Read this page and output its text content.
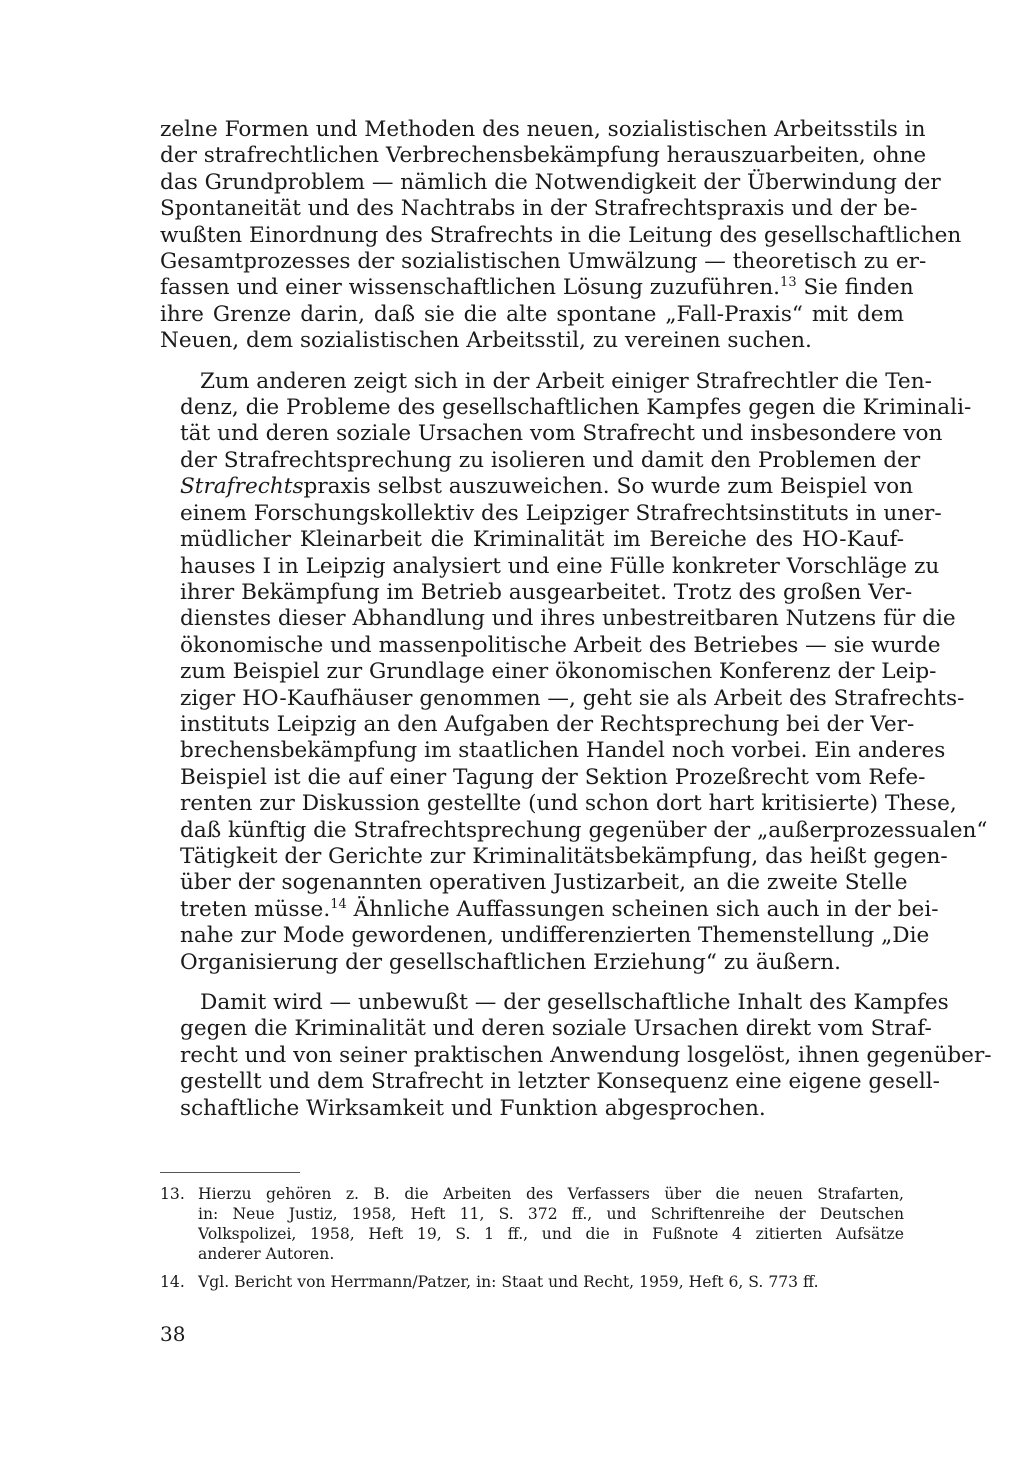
zelne Formen und Methoden des neuen, sozialistischen Arbeitsstils in
der strafrechtlichen Verbrechensbekämpfung herauszuarbeiten, ohne
das Grundproblem — nämlich die Notwendigkeit der Überwindung der
Spontaneität und des Nachtrabs in der Strafrechtspraxis und der be-
wußten Einordnung des Strafrechts in die Leitung des gesellschaftlichen
Gesamtprozesses der sozialistischen Umwälzung — theoretisch zu er-
fassen und einer wissenschaftlichen Lösung zuzuführen.$^{13}$ Sie finden
ihre Grenze darin, daß sie die alte spontane „Fall-Praxis“ mit dem
Neuen, dem sozialistischen Arbeitsstil, zu vereinen suchen.
Zum anderen zeigt sich in der Arbeit einiger Strafrechtler die Ten-
denz, die Probleme des gesellschaftlichen Kampfes gegen die Kriminali-
tät und deren soziale Ursachen vom Strafrecht und insbesondere von
der Strafrechtsprechung zu isolieren und damit den Problemen der
Strafrechtspraxis selbst auszuweichen. So wurde zum Beispiel von
einem Forschungskollektiv des Leipziger Strafrechtsinstituts in uner-
müdlicher Kleinarbeit die Kriminalität im Bereiche des HO-Kauf-
hauses I in Leipzig analysiert und eine Fülle konkreter Vorschläge zu
ihrer Bekämpfung im Betrieb ausgearbeitet. Trotz des großen Ver-
dienstes dieser Abhandlung und ihres unbestreitbaren Nutzens für die
ökonomische und massenpolitische Arbeit des Betriebes — sie wurde
zum Beispiel zur Grundlage einer ökonomischen Konferenz der Leip-
ziger HO-Kaufhäuser genommen —, geht sie als Arbeit des Strafrechts-
instituts Leipzig an den Aufgaben der Rechtsprechung bei der Ver-
brechensbekämpfung im staatlichen Handel noch vorbei. Ein anderes
Beispiel ist die auf einer Tagung der Sektion Prozeßrecht vom Refe-
renten zur Diskussion gestellte (und schon dort hart kritisierte) These,
daß künftig die Strafrechtsprechung gegenüber der „außerprozessualen“
Tätigkeit der Gerichte zur Kriminalitätsbekämpfung, das heißt gegen-
über der sogenannten operativen Justizarbeit, an die zweite Stelle
treten müsse.$^{14}$ Ähnliche Auffassungen scheinen sich auch in der bei-
nahe zur Mode gewordenen, undifferenzierten Themenstellung „Die
Organisierung der gesellschaftlichen Erziehung“ zu äußern.
Damit wird — unbewußt — der gesellschaftliche Inhalt des Kampfes
gegen die Kriminalität und deren soziale Ursachen direkt vom Straf-
recht und von seiner praktischen Anwendung losgelöst, ihnen gegenüber-
gestellt und dem Strafrecht in letzter Konsequenz eine eigene gesell-
schaftliche Wirksamkeit und Funktion abgesprochen.
13. Hierzu gehören z. B. die Arbeiten des Verfassers über die neuen Strafarten,
in: Neue Justiz, 1958, Heft 11, S. 372 ff., und Schriftenreihe der Deutschen
Volkspolizei, 1958, Heft 19, S. 1 ff., und die in Fußnote 4 zitierten Aufsätze
anderer Autoren.
14. Vgl. Bericht von Herrmann/Patzer, in: Staat und Recht, 1959, Heft 6, S. 773 ff.
38
